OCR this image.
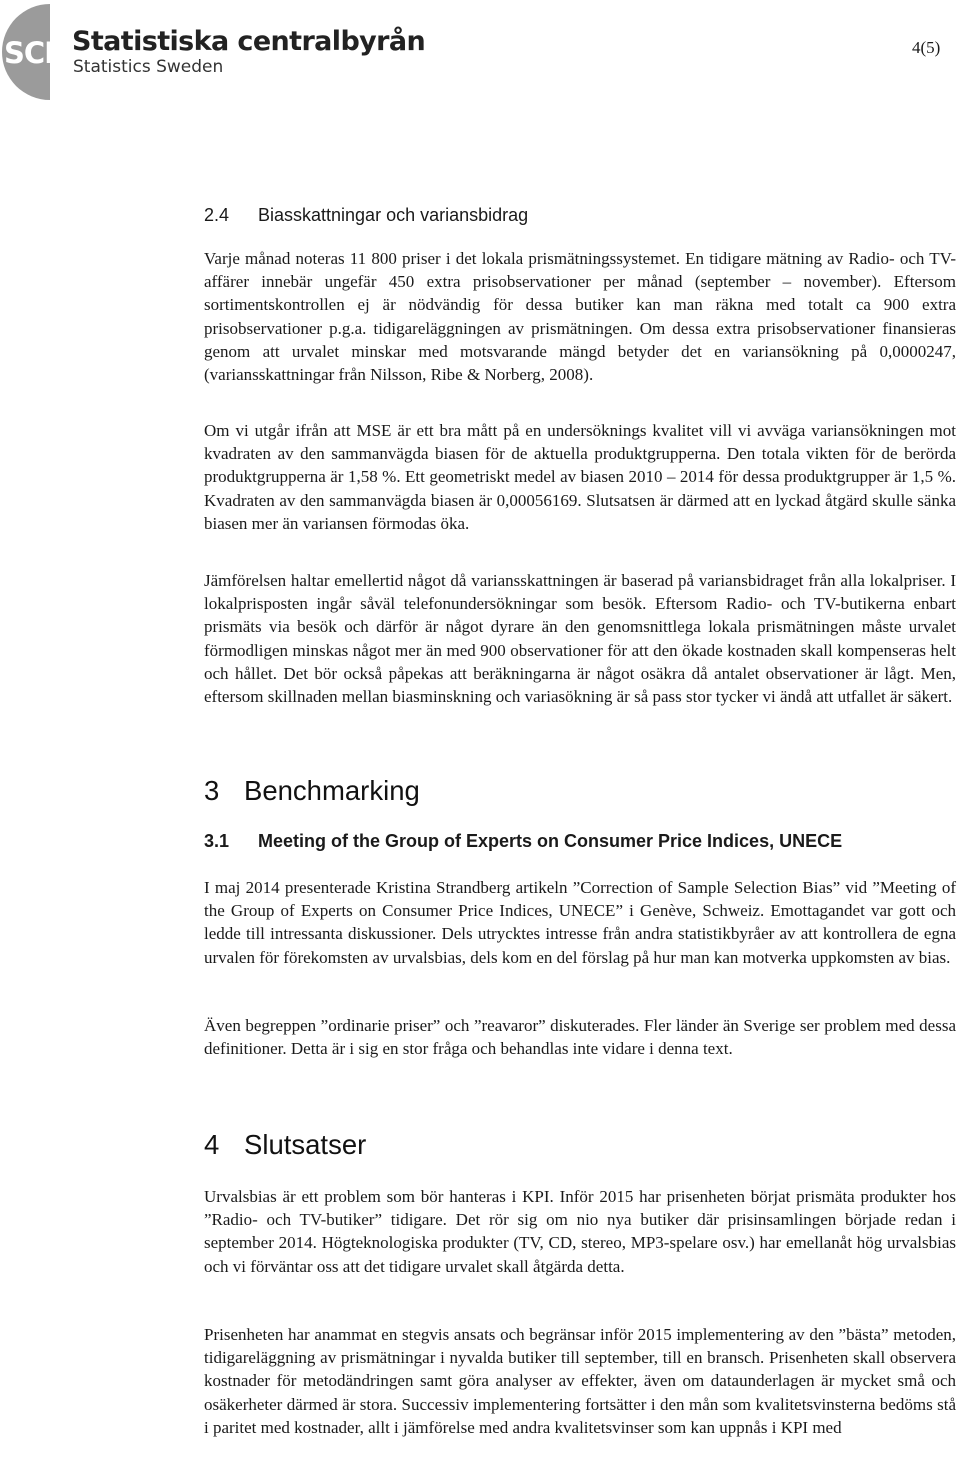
SCB Statistiska centralbyrån
Statistics Sweden
4(5)
2.4 Biasskattningar och variansbidrag

Varje månad noteras 11 800 priser i det lokala prismätningssystemet. En tidigare mätning av Radio- och TV-affärer innebär ungefär 450 extra prisobservationer per månad (september – november). Eftersom sortimentskontrollen ej är nödvändig för dessa butiker kan man räkna med totalt ca 900 extra prisobservationer p.g.a. tidigareläggningen av prismätningen. Om dessa extra prisobservationer finansieras genom att urvalet minskar med motsvarande mängd betyder det en variansökning på 0,0000247, (variansskattningar från Nilsson, Ribe & Norberg, 2008).

Om vi utgår ifrån att MSE är ett bra mått på en undersöknings kvalitet vill vi avväga variansökningen mot kvadraten av den sammanvägda biasen för de aktuella produktgrupperna. Den totala vikten för de berörda produktgrupperna är 1,58 %. Ett geometriskt medel av biasen 2010 – 2014 för dessa produktgrupper är 1,5 %. Kvadraten av den sammanvägda biasen är 0,00056169. Slutsatsen är därmed att en lyckad åtgärd skulle sänka biasen mer än variansen förmodas öka.

Jämförelsen haltar emellertid något då variansskattningen är baserad på variansbidraget från alla lokalpriser. I lokalprisposten ingår såväl telefonundersökningar som besök. Eftersom Radio- och TV-butikerna enbart prismäts via besök och därför är något dyrare än den genomsnittlega lokala prismätningen måste urvalet förmodligen minskas något mer än med 900 observationer för att den ökade kostnaden skall kompenseras helt och hållet. Det bör också påpekas att beräkningarna är något osäkra då antalet observationer är lågt. Men, eftersom skillnaden mellan biasminskning och variasökning är så pass stor tycker vi ändå att utfallet är säkert.

3 Benchmarking
3.1 Meeting of the Group of Experts on Consumer Price Indices, UNECE

I maj 2014 presenterade Kristina Strandberg artikeln ”Correction of Sample Selection Bias” vid ”Meeting of the Group of Experts on Consumer Price Indices, UNECE” i Genève, Schweiz. Emottagandet var gott och ledde till intressanta diskussioner. Dels utrycktes intresse från andra statistikbyråer av att kontrollera de egna urvalen för förekomsten av urvalsbias, dels kom en del förslag på hur man kan motverka uppkomsten av bias.

Även begreppen ”ordinarie priser” och ”reavaror” diskuterades. Fler länder än Sverige ser problem med dessa definitioner. Detta är i sig en stor fråga och behandlas inte vidare i denna text.

4 Slutsatser

Urvalsbias är ett problem som bör hanteras i KPI. Inför 2015 har prisenheten börjat prismäta produkter hos ”Radio- och TV-butiker” tidigare. Det rör sig om nio nya butiker där prisinsamlingen började redan i september 2014. Högteknologiska produkter (TV, CD, stereo, MP3-spelare osv.) har emellanåt hög urvalsbias och vi förväntar oss att det tidigare urvalet skall åtgärda detta.

Prisenheten har anammat en stegvis ansats och begränsar inför 2015 implementering av den ”bästa” metoden, tidigareläggning av prismätningar i nyvalda butiker till september, till en bransch. Prisenheten skall observera kostnader för metodändringen samt göra analyser av effekter, även om dataunderlagen är mycket små och osäkerheter därmed är stora. Successiv implementering fortsätter i den mån som kvalitetsvinsterna bedöms stå i paritet med kostnader, allt i jämförelse med andra kvalitetsvinser som kan uppnås i KPI med
